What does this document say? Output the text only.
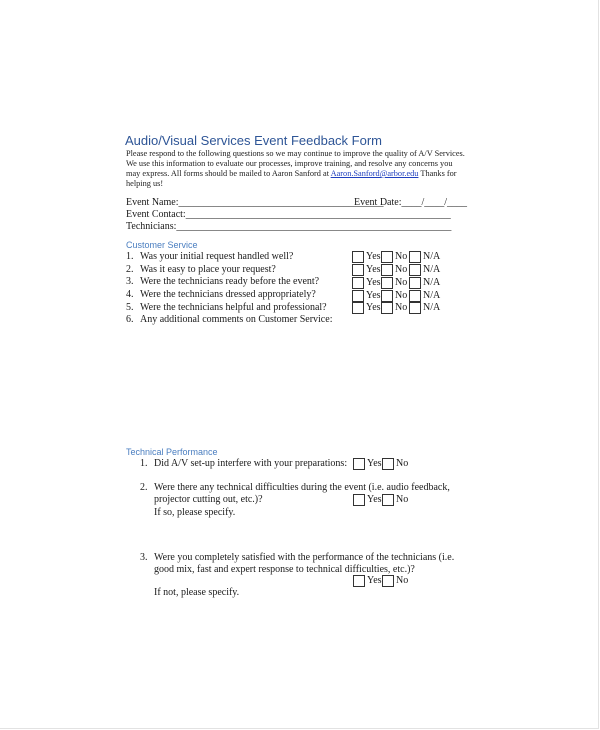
Audio/Visual Services Event Feedback Form
Please respond to the following questions so we may continue to improve the quality of A/V Services.
We use this information to evaluate our processes, improve training, and resolve any concerns you
may express. All forms should be mailed to Aaron Sanford at Aaron.Sanford@arbor.edu Thanks for
helping us!
Event Name:_________________________________________
Event Date:____/____/____
Event Contact:_____________________________________________________
Technicians:_______________________________________________________
Customer Service
1. Was your initial request handled well?
2. Was it easy to place your request?
3. Were the technicians ready before the event?
4. Were the technicians dressed appropriately?
5. Were the technicians helpful and professional?
6. Any additional comments on Customer Service:
Yes No N/A
Yes No N/A
Yes No N/A
Yes No N/A
Yes No N/A
Technical Performance
1. Did A/V set-up interfere with your preparations: Yes No
2. Were there any technical difficulties during the event (i.e. audio feedback,
projector cutting out, etc.)?	Yes No
If so, please specify.
3. Were you completely satisfied with the performance of the technicians (i.e.
good mix, fast and expert response to technical difficulties, etc.)?
Yes No
If not, please specify.
